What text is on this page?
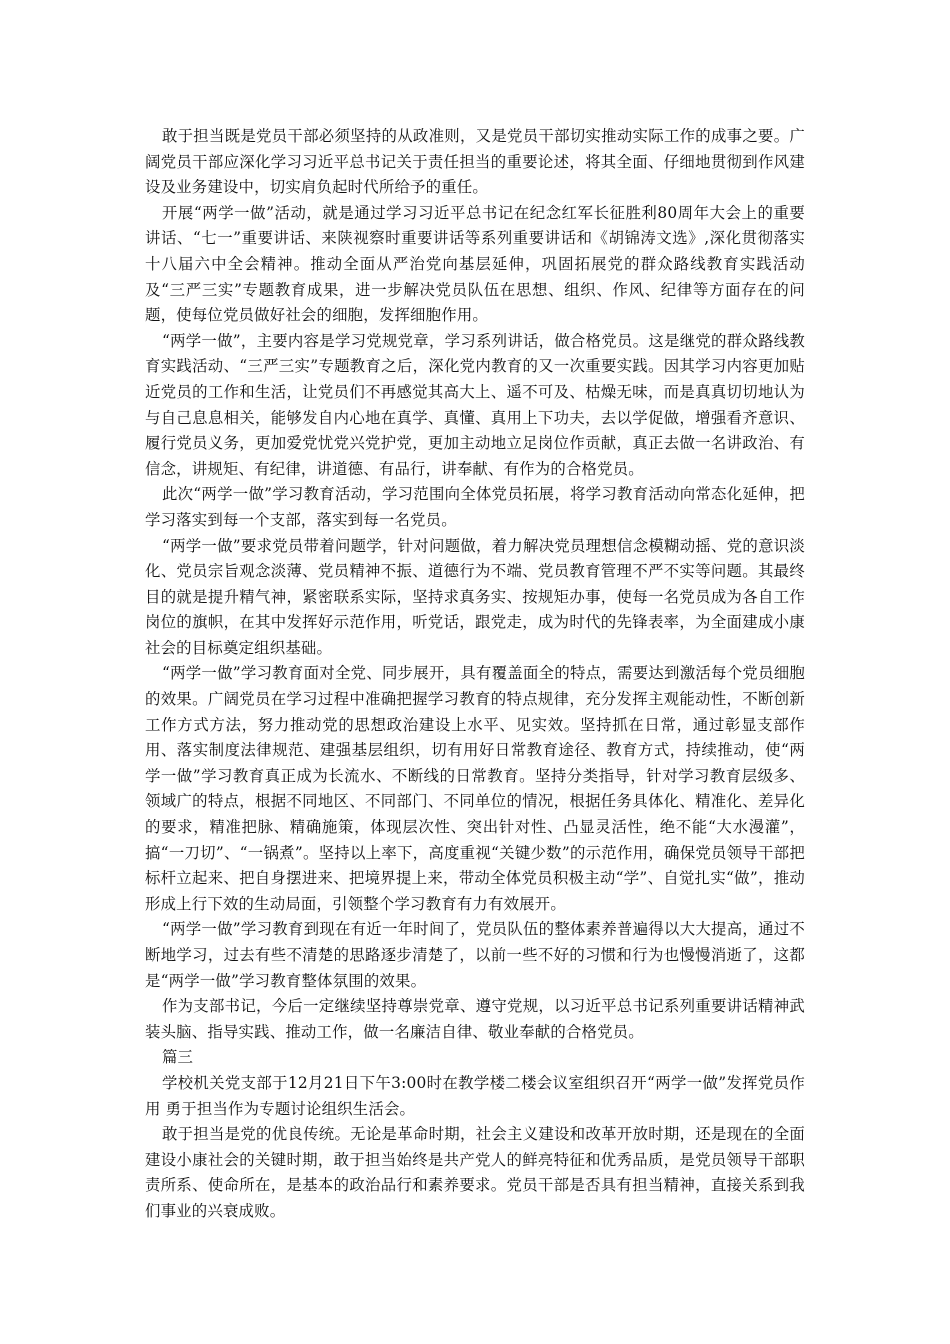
敢于担当既是党员干部必须坚持的从政准则，又是党员干部切实推动实际工作的成事之要。广阔党员干部应深化学习习近平总书记关于责任担当的重要论述，将其全面、仔细地贯彻到作风建设及业务建设中，切实肩负起时代所给予的重任。

开展“两学一做”活动，就是通过学习习近平总书记在纪念红军长征胜利80周年大会上的重要讲话、“七一”重要讲话、来陕视察时重要讲话等系列重要讲话和《胡锦涛文选》,深化贯彻落实十八届六中全会精神。推动全面从严治党向基层延伸，巩固拓展党的群众路线教育实践活动及“三严三实”专题教育成果，进一步解决党员队伍在思想、组织、作风、纪律等方面存在的问题，使每位党员做好社会的细胞，发挥细胞作用。

“两学一做”，主要内容是学习党规党章，学习系列讲话，做合格党员。这是继党的群众路线教育实践活动、“三严三实”专题教育之后，深化党内教育的又一次重要实践。因其学习内容更加贴近党员的工作和生活，让党员们不再感觉其高大上、遥不可及、枯燥无味，而是真真切切地认为与自己息息相关，能够发自内心地在真学、真懂、真用上下功夫，去以学促做，增强看齐意识、履行党员义务，更加爱党忧党兴党护党，更加主动地立足岗位作贡献，真正去做一名讲政治、有信念，讲规矩、有纪律，讲道德、有品行，讲奉献、有作为的合格党员。

此次“两学一做”学习教育活动，学习范围向全体党员拓展，将学习教育活动向常态化延伸，把学习落实到每一个支部，落实到每一名党员。

“两学一做”要求党员带着问题学，针对问题做，着力解决党员理想信念模糊动摇、党的意识淡化、党员宗旨观念淡薄、党员精神不振、道德行为不端、党员教育管理不严不实等问题。其最终目的就是提升精气神，紧密联系实际，坚持求真务实、按规矩办事，使每一名党员成为各自工作岗位的旗帜，在其中发挥好示范作用，听党话，跟党走，成为时代的先锋表率，为全面建成小康社会的目标奠定组织基础。

“两学一做”学习教育面对全党、同步展开，具有覆盖面全的特点，需要达到激活每个党员细胞的效果。广阔党员在学习过程中准确把握学习教育的特点规律，充分发挥主观能动性，不断创新工作方式方法，努力推动党的思想政治建设上水平、见实效。坚持抓在日常，通过彰显支部作用、落实制度法律规范、建强基层组织，切有用好日常教育途径、教育方式，持续推动，使“两学一做”学习教育真正成为长流水、不断线的日常教育。坚持分类指导，针对学习教育层级多、领域广的特点，根据不同地区、不同部门、不同单位的情况，根据任务具体化、精准化、差异化的要求，精准把脉、精确施策，体现层次性、突出针对性、凸显灵活性，绝不能“大水漫灌”，搞“一刀切”、“一锅煮”。坚持以上率下，高度重视“关键少数”的示范作用，确保党员领导干部把标杆立起来、把自身摆进来、把境界提上来，带动全体党员积极主动“学”、自觉扎实“做”，推动形成上行下效的生动局面，引领整个学习教育有力有效展开。

“两学一做”学习教育到现在有近一年时间了，党员队伍的整体素养普遍得以大大提高，通过不断地学习，过去有些不清楚的思路逐步清楚了，以前一些不好的习惯和行为也慢慢消逝了，这都是“两学一做”学习教育整体氛围的效果。

作为支部书记，今后一定继续坚持尊崇党章、遵守党规，以习近平总书记系列重要讲话精神武装头脑、指导实践、推动工作，做一名廉洁自律、敬业奉献的合格党员。

篇三

学校机关党支部于12月21日下午3:00时在教学楼二楼会议室组织召开“两学一做”发挥党员作用 勇于担当作为专题讨论组织生活会。

敢于担当是党的优良传统。无论是革命时期，社会主义建设和改革开放时期，还是现在的全面建设小康社会的关键时期，敢于担当始终是共产党人的鲜亮特征和优秀品质，是党员领导干部职责所系、使命所在，是基本的政治品行和素养要求。党员干部是否具有担当精神，直接关系到我们事业的兴衰成败。
